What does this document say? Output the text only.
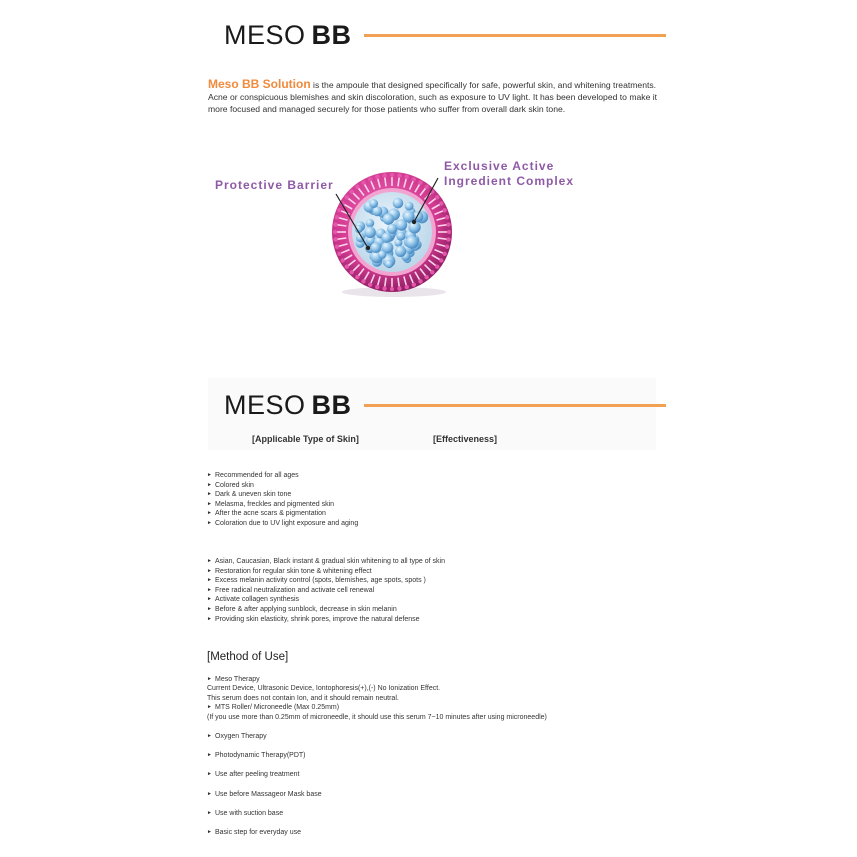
MESO BB
Meso BB Solution is the ampoule that designed specifically for safe, powerful skin, and whitening treatments. Acne or conspicuous blemishes and skin discoloration, such as exposure to UV light. It has been developed to make it more focused and managed securely for those patients who suffer from overall dark skin tone.
Protective Barrier
Exclusive Active
Ingredient Complex
MESO BB
[Applicable Type of Skin]	[Effectiveness]
► Recommended for all ages
► Colored skin
► Dark & uneven skin tone
► Melasma, freckles and pigmented skin
► After the acne scars & pigmentation
► Coloration due to UV light exposure and aging
► Asian, Caucasian, Black instant & gradual skin whitening to all type of skin
► Restoration for regular skin tone & whitening effect
► Excess melanin activity control (spots, blemishes, age spots, spots )
► Free radical neutralization and activate cell renewal
► Activate collagen synthesis
► Before & after applying sunblock, decrease in skin melanin
► Providing skin elasticity, shrink pores, improve the natural defense
[Method of Use]
► Meso Therapy
Current Device, Ultrasonic Device, Iontophoresis(+),(-) No Ionization Effect.
This serum does not contain Ion, and it should remain neutral.
► MTS Roller/ Microneedle (Max 0.25mm)
(If you use more than 0.25mm of microneedle, it should use this serum 7~10 minutes after using microneedle)
► Oxygen Therapy
► Photodynamic Therapy(PDT)
► Use after peeling treatment
► Use before Massageor Mask base
► Use with suction base
► Basic step for everyday use
